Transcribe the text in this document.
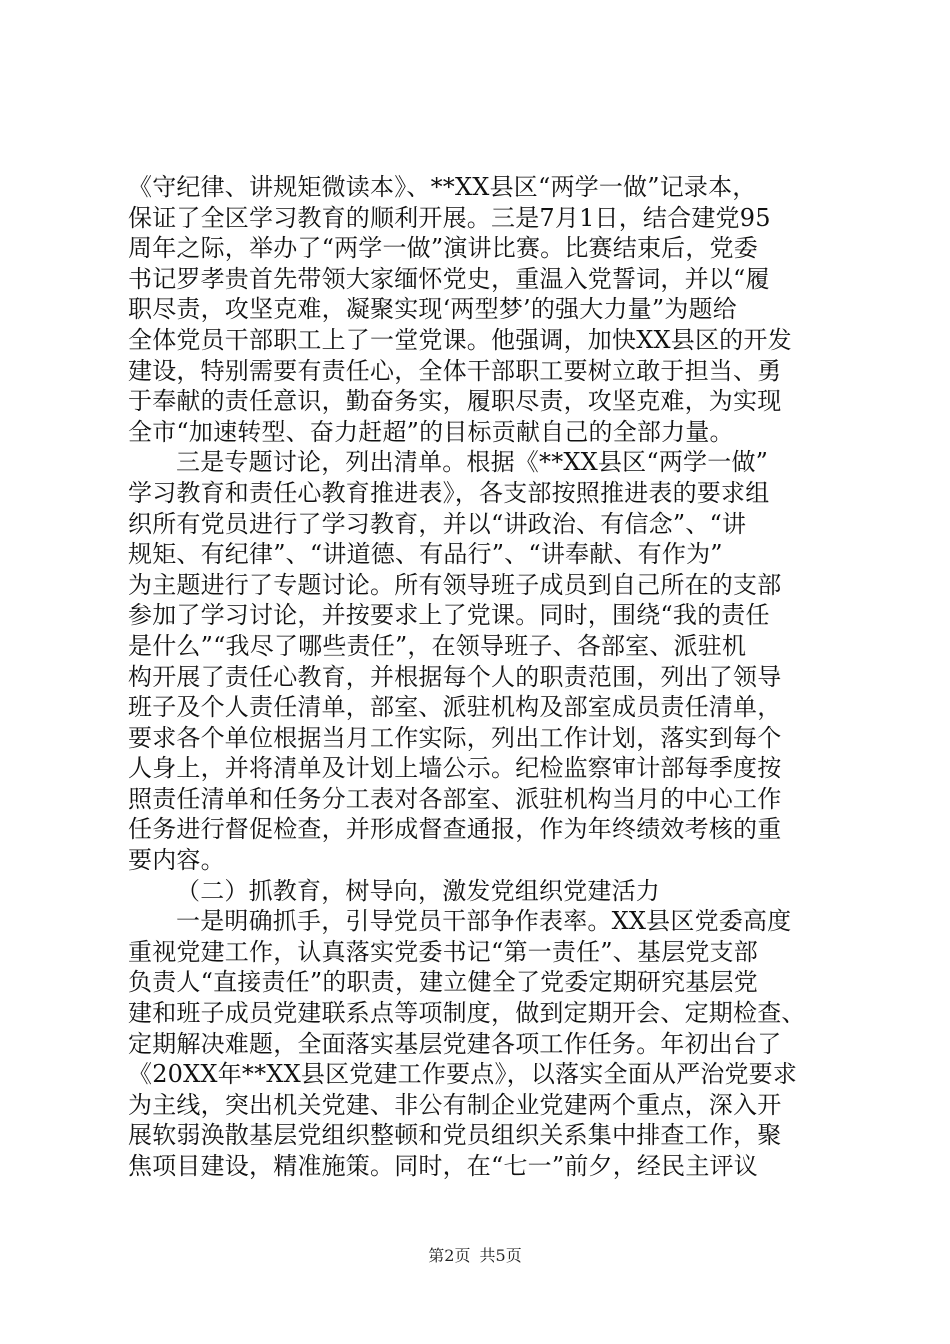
《守纪律、讲规矩微读本》、**XX县区“两学一做”记录本，
保证了全区学习教育的顺利开展。三是7月1日，结合建党95
周年之际，举办了“两学一做”演讲比赛。比赛结束后，党委
书记罗孝贵首先带领大家缅怀党史，重温入党誓词，并以“履
职尽责，攻坚克难，凝聚实现‘两型梦’的强大力量”为题给
全体党员干部职工上了一堂党课。他强调，加快XX县区的开发
建设，特别需要有责任心，全体干部职工要树立敢于担当、勇
于奉献的责任意识，勤奋务实，履职尽责，攻坚克难，为实现
全市“加速转型、奋力赶超”的目标贡献自己的全部力量。
三是专题讨论，列出清单。根据《**XX县区“两学一做”
学习教育和责任心教育推进表》，各支部按照推进表的要求组
织所有党员进行了学习教育，并以“讲政治、有信念”、“讲
规矩、有纪律”、“讲道德、有品行”、“讲奉献、有作为”
为主题进行了专题讨论。所有领导班子成员到自己所在的支部
参加了学习讨论，并按要求上了党课。同时，围绕“我的责任
是什么”“我尽了哪些责任”，在领导班子、各部室、派驻机
构开展了责任心教育，并根据每个人的职责范围，列出了领导
班子及个人责任清单，部室、派驻机构及部室成员责任清单，
要求各个单位根据当月工作实际，列出工作计划，落实到每个
人身上，并将清单及计划上墙公示。纪检监察审计部每季度按
照责任清单和任务分工表对各部室、派驻机构当月的中心工作
任务进行督促检查，并形成督查通报，作为年终绩效考核的重
要内容。
（二）抓教育，树导向，激发党组织党建活力
一是明确抓手，引导党员干部争作表率。XX县区党委高度
重视党建工作，认真落实党委书记“第一责任”、基层党支部
负责人“直接责任”的职责，建立健全了党委定期研究基层党
建和班子成员党建联系点等项制度，做到定期开会、定期检查、
定期解决难题，全面落实基层党建各项工作任务。年初出台了
《20XX年**XX县区党建工作要点》，以落实全面从严治党要求
为主线，突出机关党建、非公有制企业党建两个重点，深入开
展软弱涣散基层党组织整顿和党员组织关系集中排查工作，聚
焦项目建设，精准施策。同时，在“七一”前夕，经民主评议
第2页 共5页
